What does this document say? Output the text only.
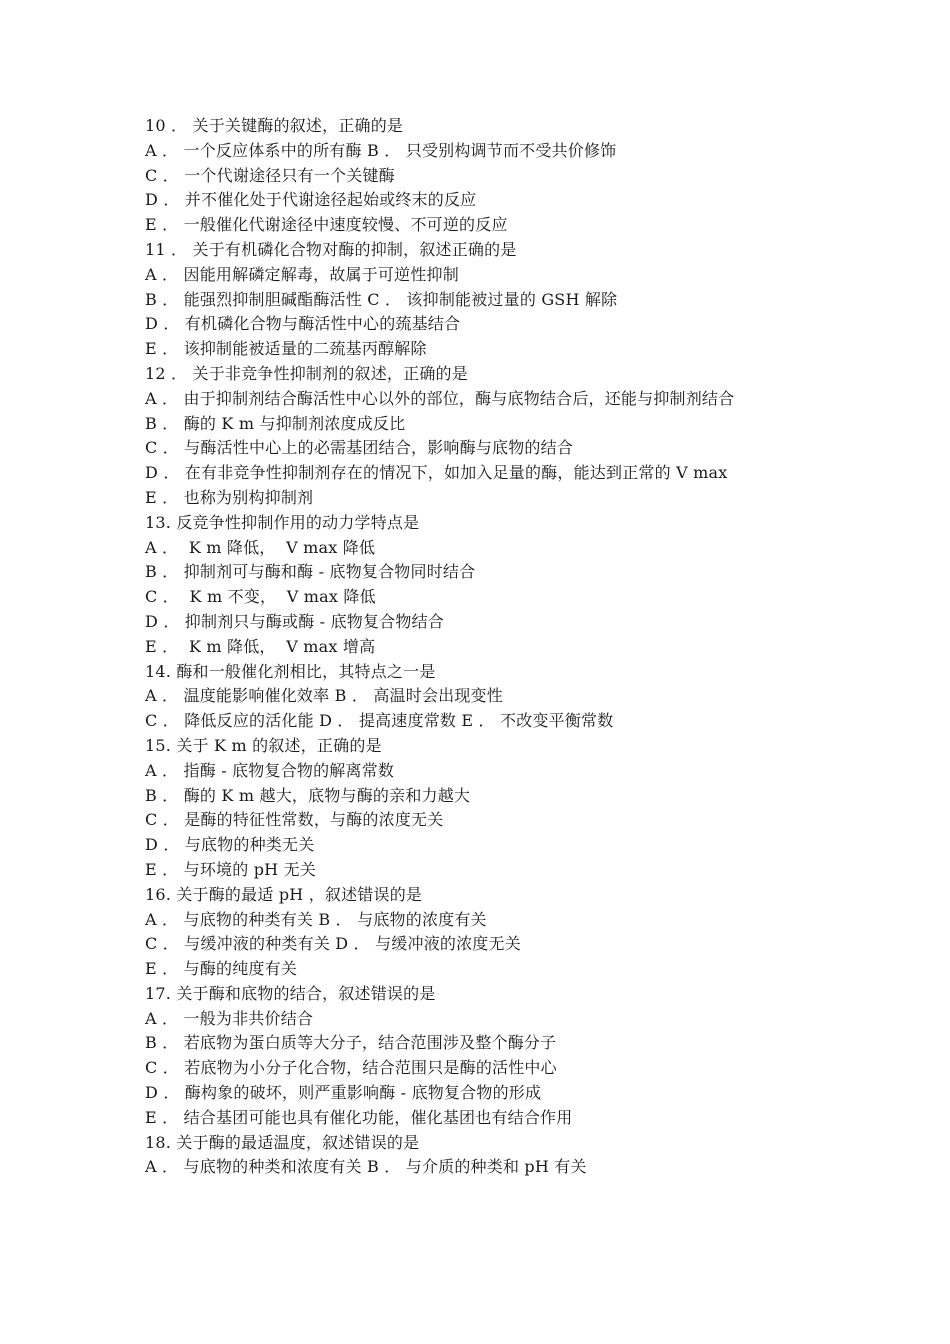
10 ． 关于关键酶的叙述，正确的是
A ． 一个反应体系中的所有酶 B ． 只受别构调节而不受共价修饰
C ． 一个代谢途径只有一个关键酶
D ． 并不催化处于代谢途径起始或终末的反应
E ． 一般催化代谢途径中速度较慢、不可逆的反应
11 ． 关于有机磷化合物对酶的抑制，叙述正确的是
A ． 因能用解磷定解毒，故属于可逆性抑制
B ． 能强烈抑制胆碱酯酶活性 C ． 该抑制能被过量的 GSH 解除
D ． 有机磷化合物与酶活性中心的巯基结合
E ． 该抑制能被适量的二巯基丙醇解除
12 ． 关于非竞争性抑制剂的叙述，正确的是
A ． 由于抑制剂结合酶活性中心以外的部位，酶与底物结合后，还能与抑制剂结合
B ． 酶的 K m 与抑制剂浓度成反比
C ． 与酶活性中心上的必需基团结合，影响酶与底物的结合
D ． 在有非竞争性抑制剂存在的情况下，如加入足量的酶，能达到正常的 V max
E ． 也称为别构抑制剂
13. 反竞争性抑制作用的动力学特点是
A ．  K m 降低，  V max 降低
B ． 抑制剂可与酶和酶 - 底物复合物同时结合
C ．  K m 不变，  V max 降低
D ． 抑制剂只与酶或酶 - 底物复合物结合
E ．  K m 降低，  V max 增高
14. 酶和一般催化剂相比，其特点之一是
A ． 温度能影响催化效率 B ． 高温时会出现变性
C ． 降低反应的活化能 D ． 提高速度常数 E ． 不改变平衡常数
15. 关于 K m 的叙述，正确的是
A ． 指酶 - 底物复合物的解离常数
B ． 酶的 K m 越大，底物与酶的亲和力越大
C ． 是酶的特征性常数，与酶的浓度无关
D ． 与底物的种类无关
E ． 与环境的 pH 无关
16. 关于酶的最适 pH ，叙述错误的是
A ． 与底物的种类有关 B ． 与底物的浓度有关
C ． 与缓冲液的种类有关 D ． 与缓冲液的浓度无关
E ． 与酶的纯度有关
17. 关于酶和底物的结合，叙述错误的是
A ． 一般为非共价结合
B ． 若底物为蛋白质等大分子，结合范围涉及整个酶分子
C ． 若底物为小分子化合物，结合范围只是酶的活性中心
D ． 酶构象的破坏，则严重影响酶 - 底物复合物的形成
E ． 结合基团可能也具有催化功能，催化基团也有结合作用
18. 关于酶的最适温度，叙述错误的是
A ． 与底物的种类和浓度有关 B ． 与介质的种类和 pH 有关
